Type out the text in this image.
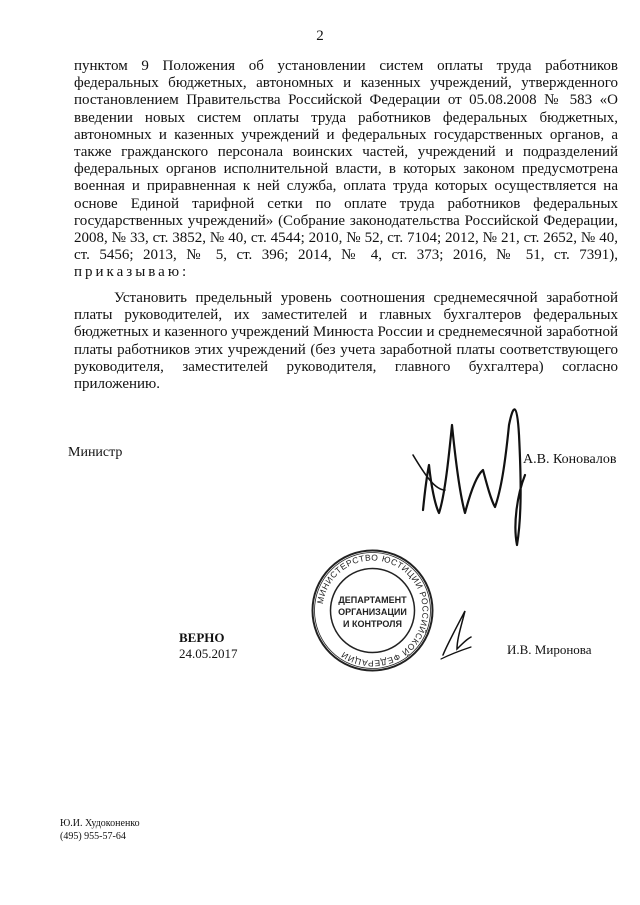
2

пунктом 9 Положения об установлении систем оплаты труда работников федеральных бюджетных, автономных и казенных учреждений, утвержденного постановлением Правительства Российской Федерации от 05.08.2008 № 583 «О введении новых систем оплаты труда работников федеральных бюджетных, автономных и казенных учреждений и федеральных государственных органов, а также гражданского персонала воинских частей, учреждений и подразделений федеральных органов исполнительной власти, в которых законом предусмотрена военная и приравненная к ней служба, оплата труда которых осуществляется на основе Единой тарифной сетки по оплате труда работников федеральных государственных учреждений» (Собрание законодательства Российской Федерации, 2008, № 33, ст. 3852, № 40, ст. 4544; 2010, № 52, ст. 7104; 2012, № 21, ст. 2652, № 40, ст. 5456; 2013, № 5, ст. 396; 2014, № 4, ст. 373; 2016, № 51, ст. 7391), приказываю:

Установить предельный уровень соотношения среднемесячной заработной платы руководителей, их заместителей и главных бухгалтеров федеральных бюджетных и казенного учреждений Минюста России и среднемесячной заработной платы работников этих учреждений (без учета заработной платы соответствующего руководителя, заместителей руководителя, главного бухгалтера) согласно приложению.

Министр	А.В. Коновалов
МИНИСТЕРСТВО ЮСТИЦИИ РОССИЙСКОЙ ФЕДЕРАЦИИ
ДЕПАРТАМЕНТ
ОРГАНИЗАЦИИ
И КОНТРОЛЯ
ВЕРНО
24.05.2017	И.В. Миронова
Ю.И. Худоконенко
(495) 955-57-64
